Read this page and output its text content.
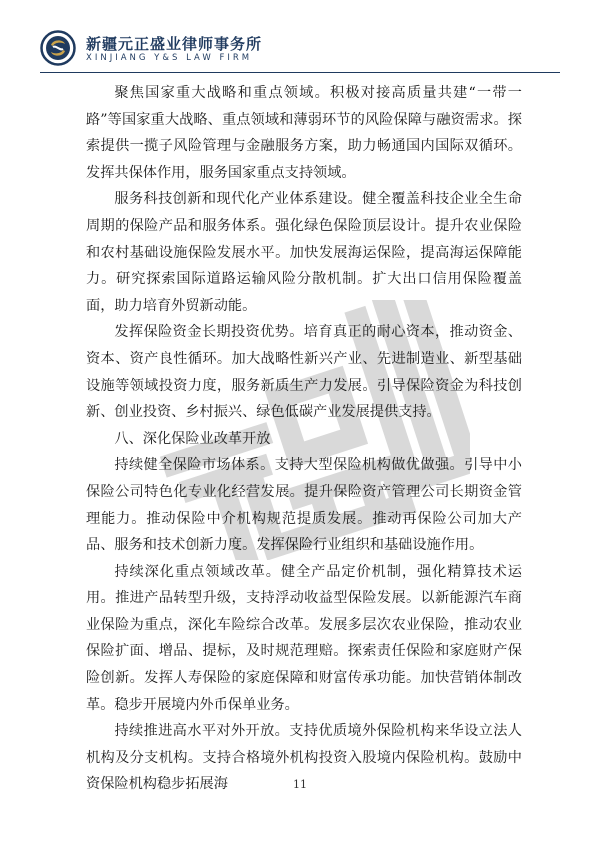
新疆元正盛业律师事务所
XINJIANG Y&S LAW FIRM

聚焦国家重大战略和重点领域。积极对接高质量共建“一带一路”等国家重大战略、重点领域和薄弱环节的风险保障与融资需求。探索提供一揽子风险管理与金融服务方案，助力畅通国内国际双循环。发挥共保体作用，服务国家重点支持领域。

服务科技创新和现代化产业体系建设。健全覆盖科技企业全生命周期的保险产品和服务体系。强化绿色保险顶层设计。提升农业保险和农村基础设施保险发展水平。加快发展海运保险，提高海运保障能力。研究探索国际道路运输风险分散机制。扩大出口信用保险覆盖面，助力培育外贸新动能。

发挥保险资金长期投资优势。培育真正的耐心资本，推动资金、资本、资产良性循环。加大战略性新兴产业、先进制造业、新型基础设施等领域投资力度，服务新质生产力发展。引导保险资金为科技创新、创业投资、乡村振兴、绿色低碳产业发展提供支持。

八、深化保险业改革开放

持续健全保险市场体系。支持大型保险机构做优做强。引导中小保险公司特色化专业化经营发展。提升保险资产管理公司长期资金管理能力。推动保险中介机构规范提质发展。推动再保险公司加大产品、服务和技术创新力度。发挥保险行业组织和基础设施作用。

持续深化重点领域改革。健全产品定价机制，强化精算技术运用。推进产品转型升级，支持浮动收益型保险发展。以新能源汽车商业保险为重点，深化车险综合改革。发展多层次农业保险，推动农业保险扩面、增品、提标，及时规范理赔。探索责任保险和家庭财产保险创新。发挥人寿保险的家庭保障和财富传承功能。加快营销体制改革。稳步开展境内外币保单业务。

持续推进高水平对外开放。支持优质境外保险机构来华设立法人机构及分支机构。支持合格境外机构投资入股境内保险机构。鼓励中资保险机构稳步拓展海	11
